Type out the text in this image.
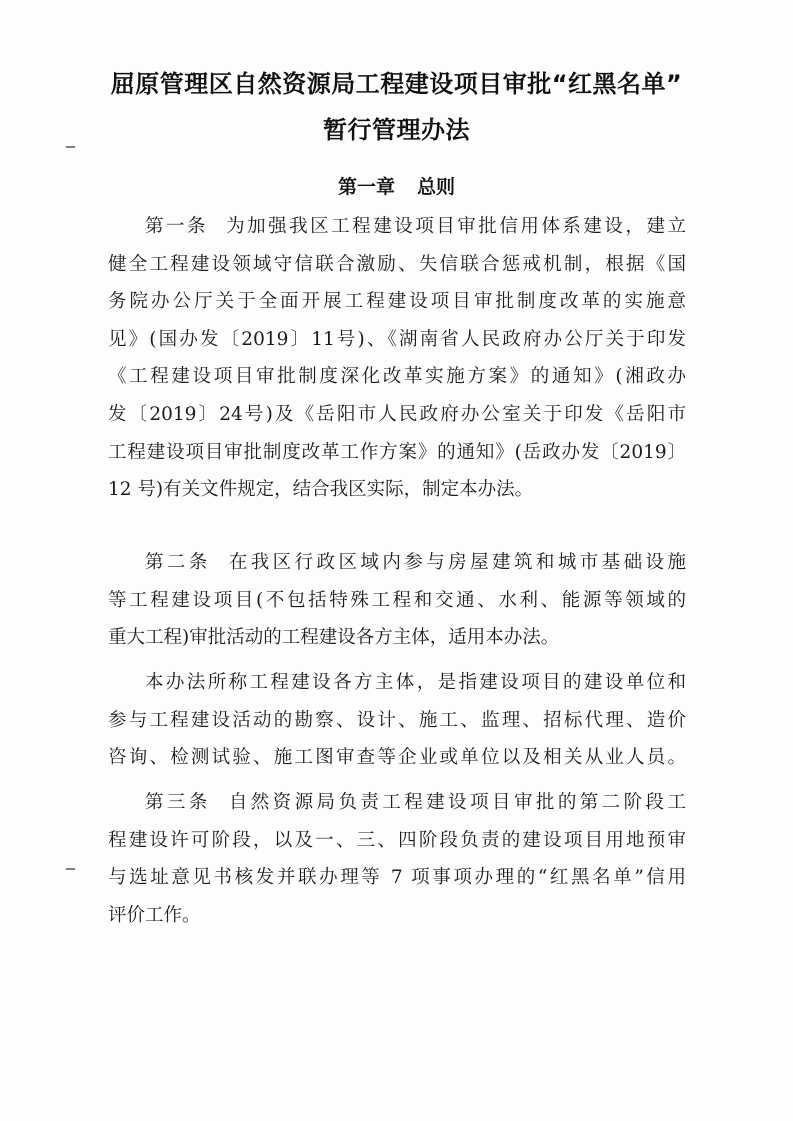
屈原管理区自然资源局工程建设项目审批“红黑名单”
暂行管理办法
第一章 总则
第一条 为加强我区工程建设项目审批信用体系建设，建立
健全工程建设领域守信联合激励、失信联合惩戒机制，根据《国
务院办公厅关于全面开展工程建设项目审批制度改革的实施意
见》(国办发〔2019〕11号)、《湖南省人民政府办公厅关于印发
《工程建设项目审批制度深化改革实施方案》的通知》(湘政办
发〔2019〕24号)及《岳阳市人民政府办公室关于印发《岳阳市
工程建设项目审批制度改革工作方案》的通知》(岳政办发〔2019〕
12 号)有关文件规定，结合我区实际，制定本办法。
第二条 在我区行政区域内参与房屋建筑和城市基础设施
等工程建设项目(不包括特殊工程和交通、水利、能源等领域的
重大工程)审批活动的工程建设各方主体，适用本办法。
本办法所称工程建设各方主体，是指建设项目的建设单位和
参与工程建设活动的勘察、设计、施工、监理、招标代理、造价
咨询、检测试验、施工图审查等企业或单位以及相关从业人员。
第三条 自然资源局负责工程建设项目审批的第二阶段工
程建设许可阶段，以及一、三、四阶段负责的建设项目用地预审
与选址意见书核发并联办理等 7 项事项办理的“红黑名单”信用
评价工作。
